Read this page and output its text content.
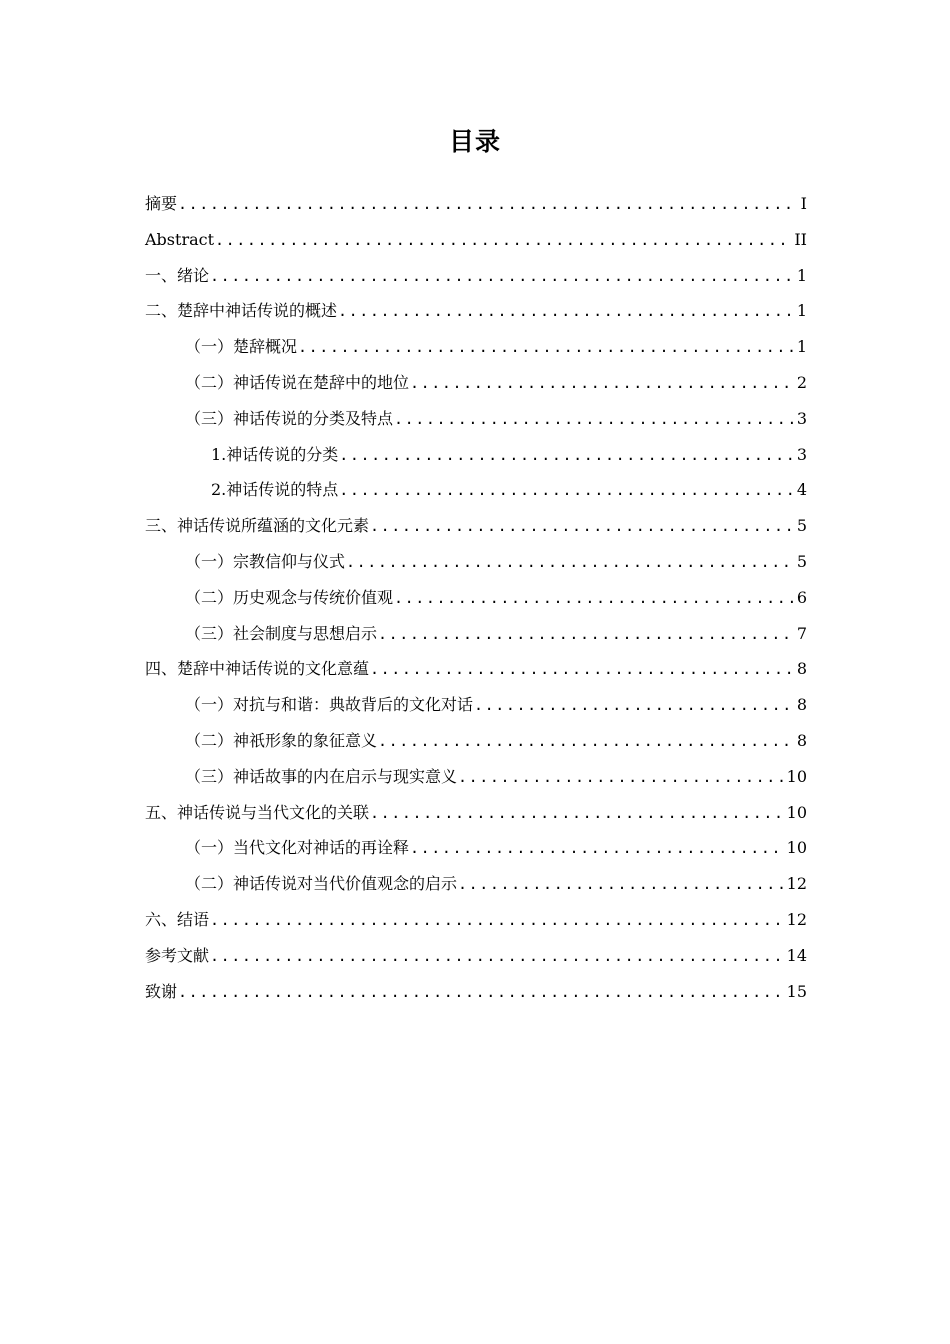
目录
摘要 .....	I
Abstract .....	II
一、绪论 .....	1
二、楚辞中神话传说的概述 .....	1
（一）楚辞概况 .....	1
（二）神话传说在楚辞中的地位 .....	2
（三）神话传说的分类及特点 .....	3
1.神话传说的分类 .....	3
2.神话传说的特点 .....	4
三、神话传说所蕴涵的文化元素 .....	5
（一）宗教信仰与仪式 .....	5
（二）历史观念与传统价值观 .....	6
（三）社会制度与思想启示 .....	7
四、楚辞中神话传说的文化意蕴 .....	8
（一）对抗与和谐：典故背后的文化对话 .....	8
（二）神祇形象的象征意义 .....	8
（三）神话故事的内在启示与现实意义 .....	10
五、神话传说与当代文化的关联 .....	10
（一）当代文化对神话的再诠释 .....	10
（二）神话传说对当代价值观念的启示 .....	12
六、结语 .....	12
参考文献 .....	14
致谢 .....	15
